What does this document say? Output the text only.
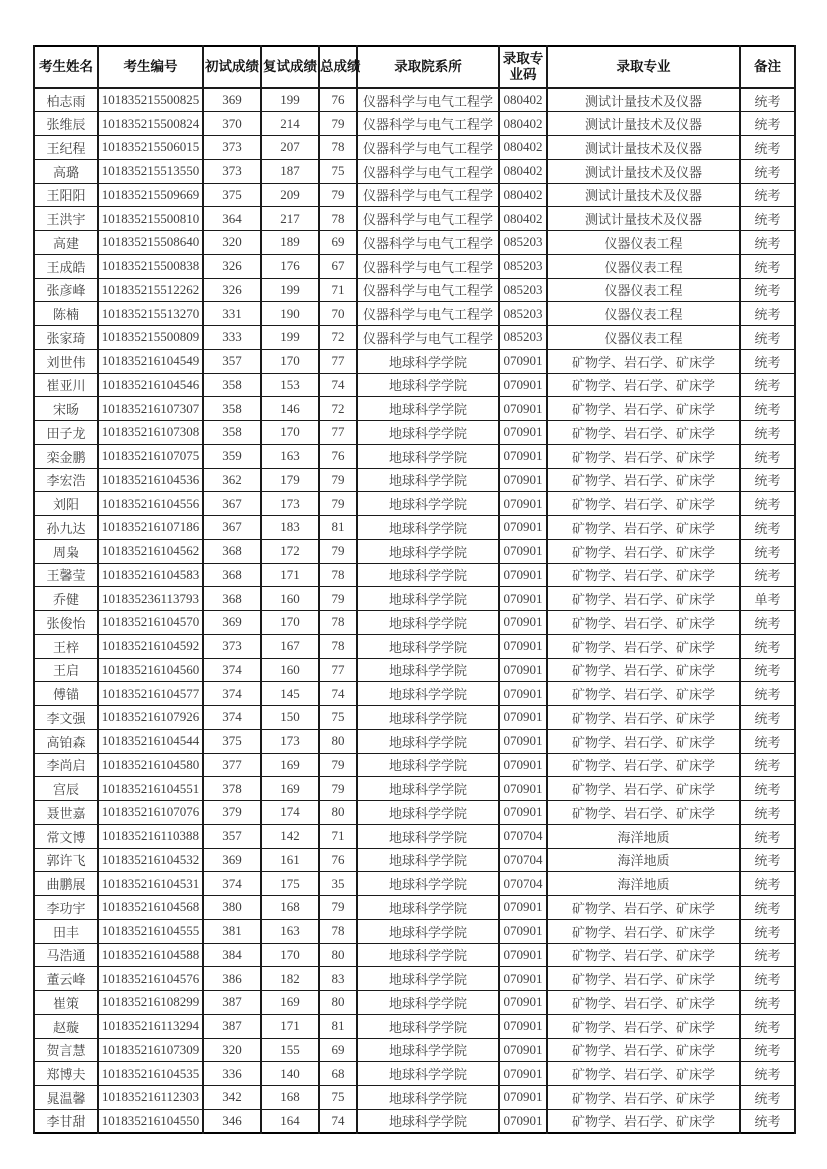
考生姓名	考生编号	初试成绩	复试成绩	总成绩	录取院系所	录取专业码	录取专业	备注
柏志雨	101835215500825	369	199	76	仪器科学与电气工程学	080402	测试计量技术及仪器	统考
张维辰	101835215500824	370	214	79	仪器科学与电气工程学	080402	测试计量技术及仪器	统考
王纪程	101835215506015	373	207	78	仪器科学与电气工程学	080402	测试计量技术及仪器	统考
高璐	101835215513550	373	187	75	仪器科学与电气工程学	080402	测试计量技术及仪器	统考
王阳阳	101835215509669	375	209	79	仪器科学与电气工程学	080402	测试计量技术及仪器	统考
王洪宇	101835215500810	364	217	78	仪器科学与电气工程学	080402	测试计量技术及仪器	统考
高建	101835215508640	320	189	69	仪器科学与电气工程学	085203	仪器仪表工程	统考
王成皓	101835215500838	326	176	67	仪器科学与电气工程学	085203	仪器仪表工程	统考
张彦峰	101835215512262	326	199	71	仪器科学与电气工程学	085203	仪器仪表工程	统考
陈楠	101835215513270	331	190	70	仪器科学与电气工程学	085203	仪器仪表工程	统考
张家琦	101835215500809	333	199	72	仪器科学与电气工程学	085203	仪器仪表工程	统考
刘世伟	101835216104549	357	170	77	地球科学学院	070901	矿物学、岩石学、矿床学	统考
崔亚川	101835216104546	358	153	74	地球科学学院	070901	矿物学、岩石学、矿床学	统考
宋旸	101835216107307	358	146	72	地球科学学院	070901	矿物学、岩石学、矿床学	统考
田子龙	101835216107308	358	170	77	地球科学学院	070901	矿物学、岩石学、矿床学	统考
栾金鹏	101835216107075	359	163	76	地球科学学院	070901	矿物学、岩石学、矿床学	统考
李宏浩	101835216104536	362	179	79	地球科学学院	070901	矿物学、岩石学、矿床学	统考
刘阳	101835216104556	367	173	79	地球科学学院	070901	矿物学、岩石学、矿床学	统考
孙九达	101835216107186	367	183	81	地球科学学院	070901	矿物学、岩石学、矿床学	统考
周枭	101835216104562	368	172	79	地球科学学院	070901	矿物学、岩石学、矿床学	统考
王馨莹	101835216104583	368	171	78	地球科学学院	070901	矿物学、岩石学、矿床学	统考
乔健	101835236113793	368	160	79	地球科学学院	070901	矿物学、岩石学、矿床学	单考
张俊怡	101835216104570	369	170	78	地球科学学院	070901	矿物学、岩石学、矿床学	统考
王梓	101835216104592	373	167	78	地球科学学院	070901	矿物学、岩石学、矿床学	统考
王启	101835216104560	374	160	77	地球科学学院	070901	矿物学、岩石学、矿床学	统考
傅锚	101835216104577	374	145	74	地球科学学院	070901	矿物学、岩石学、矿床学	统考
李文强	101835216107926	374	150	75	地球科学学院	070901	矿物学、岩石学、矿床学	统考
高铂森	101835216104544	375	173	80	地球科学学院	070901	矿物学、岩石学、矿床学	统考
李尚启	101835216104580	377	169	79	地球科学学院	070901	矿物学、岩石学、矿床学	统考
宫辰	101835216104551	378	169	79	地球科学学院	070901	矿物学、岩石学、矿床学	统考
聂世嘉	101835216107076	379	174	80	地球科学学院	070901	矿物学、岩石学、矿床学	统考
常文博	101835216110388	357	142	71	地球科学学院	070704	海洋地质	统考
郭许飞	101835216104532	369	161	76	地球科学学院	070704	海洋地质	统考
曲鹏展	101835216104531	374	175	35	地球科学学院	070704	海洋地质	统考
李功宇	101835216104568	380	168	79	地球科学学院	070901	矿物学、岩石学、矿床学	统考
田丰	101835216104555	381	163	78	地球科学学院	070901	矿物学、岩石学、矿床学	统考
马浩通	101835216104588	384	170	80	地球科学学院	070901	矿物学、岩石学、矿床学	统考
董云峰	101835216104576	386	182	83	地球科学学院	070901	矿物学、岩石学、矿床学	统考
崔策	101835216108299	387	169	80	地球科学学院	070901	矿物学、岩石学、矿床学	统考
赵璇	101835216113294	387	171	81	地球科学学院	070901	矿物学、岩石学、矿床学	统考
贺言慧	101835216107309	320	155	69	地球科学学院	070901	矿物学、岩石学、矿床学	统考
郑博夫	101835216104535	336	140	68	地球科学学院	070901	矿物学、岩石学、矿床学	统考
晁温馨	101835216112303	342	168	75	地球科学学院	070901	矿物学、岩石学、矿床学	统考
李甘甜	101835216104550	346	164	74	地球科学学院	070901	矿物学、岩石学、矿床学	统考
